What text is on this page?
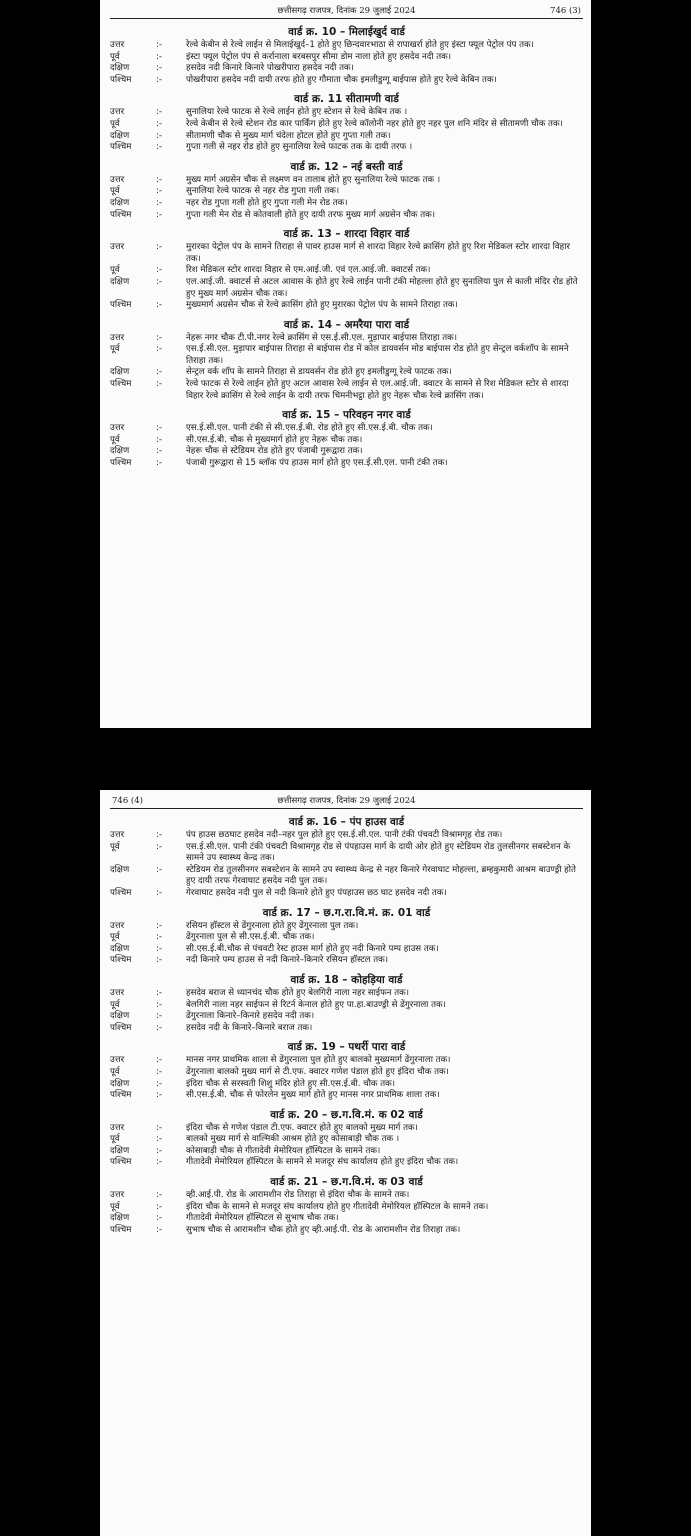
छत्तीसगढ़ राजपत्र, दिनांक 29 जुलाई 2024	746 (3)
वार्ड क्र. 10 – मिलाईखुर्द वार्ड
उत्तर	:-	रेल्वे केबीन से रेल्वे लाईन से मिलाईखुर्द–1 होते हुए छिन्दवारभाठा से रापाखर्रा होते हुए इंस्टा फ्यूल पेट्रोल पंप तक।
पूर्व	:-	इंस्टा फ्यूल पेट्रोल पंप से कर्रानाला बरबसपुर सीमा डोम नाला होते हुए हसदेव नदी तक।
दक्षिण	:-	हसदेव नदी किनारे किनारे पोखरीपारा हसदेव नदी तक।
पश्चिम	:-	पोखरीपारा हसदेव नदी दायी तरफ होते हुए गौमाता चौक इमलीडुग्गू बाईपास होते हुए रेल्वे केबिन तक।
वार्ड क्र. 11 सीतामणी वार्ड
उत्तर	:-	सुनालिया रेल्वे फाटक से रेल्वे लाईन होते हुए स्टेशन से रेल्वे केबिन तक ।
पूर्व	:-	रेल्वे केबीन से रेल्वे स्टेशन रोड कार पार्किंग होते हुए रेल्वे कॉलोनी नहर होते हुए नहर पुल शनि मंदिर से सीतामणी चौक तक।
दक्षिण	:-	सीतामणी चौक से मुख्य मार्ग चंदेला होटल होते हुए गुप्ता गली तक।
पश्चिम	:-	गुप्ता गली से नहर रोड होते हुए सुनालिया रेल्वे फाटक तक के दायी तरफ ।
वार्ड क्र. 12 – नई बस्ती वार्ड
उत्तर	:-	मुख्य मार्ग अग्रसेन चौक से लक्ष्मण वन तालाब होते हुए सुनालिया रेल्वे फाटक तक ।
पूर्व	:-	सुनालिया रेल्वे फाटक से नहर रोड गुप्ता गली तक।
दक्षिण	:-	नहर रोड गुप्ता गली होते हुए गुप्ता गली मेन रोड तक।
पश्चिम	:-	गुप्ता गली मेन रोड से कोतवाली होते हुए दायी तरफ मुख्य मार्ग अग्रसेन चौक तक।
वार्ड क्र. 13 – शारदा विहार वार्ड
उत्तर	:-	मुरारका पेट्रोल पंप के सामने तिराहा से पावर हाउस मार्ग से शारदा विहार रेल्वे क्रासिंग होते हुए रिश मेडिकल स्टोर शारदा विहार तक।
पूर्व	:-	रिश मेडिकल स्टोर शारदा विहार से एम.आई.जी. एवं एल.आई.जी. क्वाटर्स तक।
दक्षिण	:-	एल.आई.जी. क्वाटर्स से अटल आवास के होते हुए रेल्वे लाईन पानी टंकी मोहल्ला होते हुए सुनालिया पुल से काली मंदिर रोड होते हुए मुख्य मार्ग अग्रसेन चौक तक।
पश्चिम	:-	मुख्यमार्ग अग्रसेन चौक से रेल्वे क्रासिंग होते हुए मुरारका पेट्रोल पंप के सामने तिराहा तक।
वार्ड क्र. 14 – अमरैया पारा वार्ड
उत्तर	:-	नेहरू नगर चौक टी.पी.नगर रेल्वे क्रासिंग से एस.ई.सी.एल. मुड़ापार बाईपास तिराहा तक।
पूर्व	:-	एस.ई.सी.एल. मुड़ापार बाईपास तिराहा से बाईपास रोड में कोल डायवर्सन मोड बाईपास रोड होते हुए सेन्ट्रल वर्कशॉप के सामने तिराहा तक।
दक्षिण	:-	सेन्ट्रल वर्क शॉप के सामने तिराहा से डायवर्सन रोड होते हुए इमलीडुग्गू रेल्वे फाटक तक।
पश्चिम	:-	रेल्वे फाटक से रेल्वे लाईन होते हुए अटल आवास रेल्वे लाईन से एल.आई.जी. क्वाटर के सामने से रिश मेडिकल स्टोर से शारदा विहार रेल्वे क्रासिंग से रेल्वे लाईन के दायी तरफ चिमनीभट्ठा होते हुए नेहरू चौक रेल्वे क्रासिंग तक।
वार्ड क्र. 15 – परिवहन नगर वार्ड
उत्तर	:-	एस.ई.सी.एल. पानी टंकी से सी.एस.ई.बी. रोड होते हुए सी.एस.ई.बी. चौक तक।
पूर्व	:-	सी.एस.ई.बी. चौक से मुख्यमार्ग होते हुए नेहरू चौक तक।
दक्षिण	:-	नेहरू चौक से स्टेडियम रोड होते हुए पंजाबी गुरूद्वारा तक।
पश्चिम	:-	पंजाबी गुरूद्वारा से 15 ब्लॉक पंप हाउस मार्ग होते हुए एस.ई.सी.एल. पानी टंकी तक।
746 (4)	छत्तीसगढ़ राजपत्र, दिनांक 29 जुलाई 2024
वार्ड क्र. 16 – पंप हाउस वार्ड
उत्तर	:-	पंप हाउस छठघाट हसदेव नदी–नहर पुल होते हुए एस.ई.सी.एल. पानी टंकी पंचवटी विश्रामगृह रोड तक।
पूर्व	:-	एस.ई.सी.एल. पानी टंकी पंचवटी विश्रामगृह रोड से पंपहाउस मार्ग के दायी ओर होते हुए स्टेडियम रोड तुलसीनगर सबस्टेशन के सामने उप स्वास्थ्य केन्द्र तक।
दक्षिण	:-	स्टेडियम रोड तुलसीनगर सबस्टेशन के सामने उप स्वास्थ्य केन्द्र से नहर किनारे गेरवाघाट मोहल्ला, ब्रम्हकुमारी आश्रम बाउण्ड्री होते हुए दायी तरफ गेरवाघाट हसदेव नदी पुल तक।
पश्चिम	:-	गेरवाघाट हसदेव नदी पुल से नदी किनारे होते हुए पंपहाउस छठ घाट हसदेव नदी तक।
वार्ड क्र. 17 – छ.ग.रा.वि.मं. क्र. 01 वार्ड
उत्तर	:-	रसियन हॉस्टल से ढेंगुरनाला होते हुए ढेंगुरनाला पुल तक।
पूर्व	:-	ढेंगुरनाला पुल से सी.एस.ई.बी. चौक तक।
दक्षिण	:-	सी.एस.ई.बी.चौक से पंचवटी रेस्ट हाउस मार्ग होते हुए नदी किनारे पम्प हाउस तक।
पश्चिम	:-	नदी किनारे पम्प हाउस से नदी किनारे–किनारे रसियन हॉस्टल तक।
वार्ड क्र. 18 – कोहड़िया वार्ड
उत्तर	:-	हसदेव बराज से ध्यानचंद चौक होते हुए बेलगिरी नाला नहर साईफन तक।
पूर्व	:-	बेलगिरी नाला नहर साईफन से रिटर्न केनाल होते हुए पा.हा.बाउण्ड्री से ढेंगुरनाला तक।
दक्षिण	:-	ढेंगुरनाला किनारे–किनारे हसदेव नदी तक।
पश्चिम	:-	हसदेव नदी के किनारे–किनारे बराज तक।
वार्ड क्र. 19 – पथर्री पारा वार्ड
उत्तर	:-	मानस नगर प्राथमिक शाला से ढेंगुरनाला पुल होते हुए बालको मुख्यमार्ग ढेंगुरनाला तक।
पूर्व	:-	ढेंगुरनाला बालको मुख्य मार्ग से टी.एफ. क्वाटर गणेश पंडाल होते हुए इंदिरा चौक तक।
दक्षिण	:-	इंदिरा चौक से सरस्वती शिशु मंदिर होते हुए सी.एस.ई.बी. चौक तक।
पश्चिम	:-	सी.एस.ई.बी. चौक से फोरलेन मुख्य मार्ग होते हुए मानस नगर प्राथमिक शाला तक।
वार्ड क्र. 20 – छ.ग.वि.मं. क 02 वार्ड
उत्तर	:-	इंदिरा चौक से गणेश पंडाल टी.एफ. क्वाटर होते हुए बालको मुख्य मार्ग तक।
पूर्व	:-	बालको मुख्य मार्ग से वाल्मिकी आश्रम होते हुए कोसाबाड़ी चौक तक ।
दक्षिण	:-	कोसाबाड़ी चौक से गीतादेवी मेमोरियल हॉस्पिटल के सामने तक।
पश्चिम	:-	गीतादेवी मेमोरियल हॉस्पिटल के सामने से मजदूर संघ कार्यालय होते हुए इंदिरा चौक तक।
वार्ड क्र. 21 – छ.ग.वि.मं. क 03 वार्ड
उत्तर	:-	व्ही.आई.पी. रोड के आरामशीन रोड तिराहा से इंदिरा चौक के सामने तक।
पूर्व	:-	इंदिरा चौक के सामने से मजदूर संघ कार्यालय होते हुए गीतादेवी मेमोरियल हॉस्पिटल के सामने तक।
दक्षिण	:-	गीतादेवी मेमोरियल हॉस्पिटल से सुभाष चौक तक।
पश्चिम	:-	सुभाष चौक से आरामशीन चौक होते हुए व्ही.आई.पी. रोड के आरामशीन रोड तिराहा तक।
